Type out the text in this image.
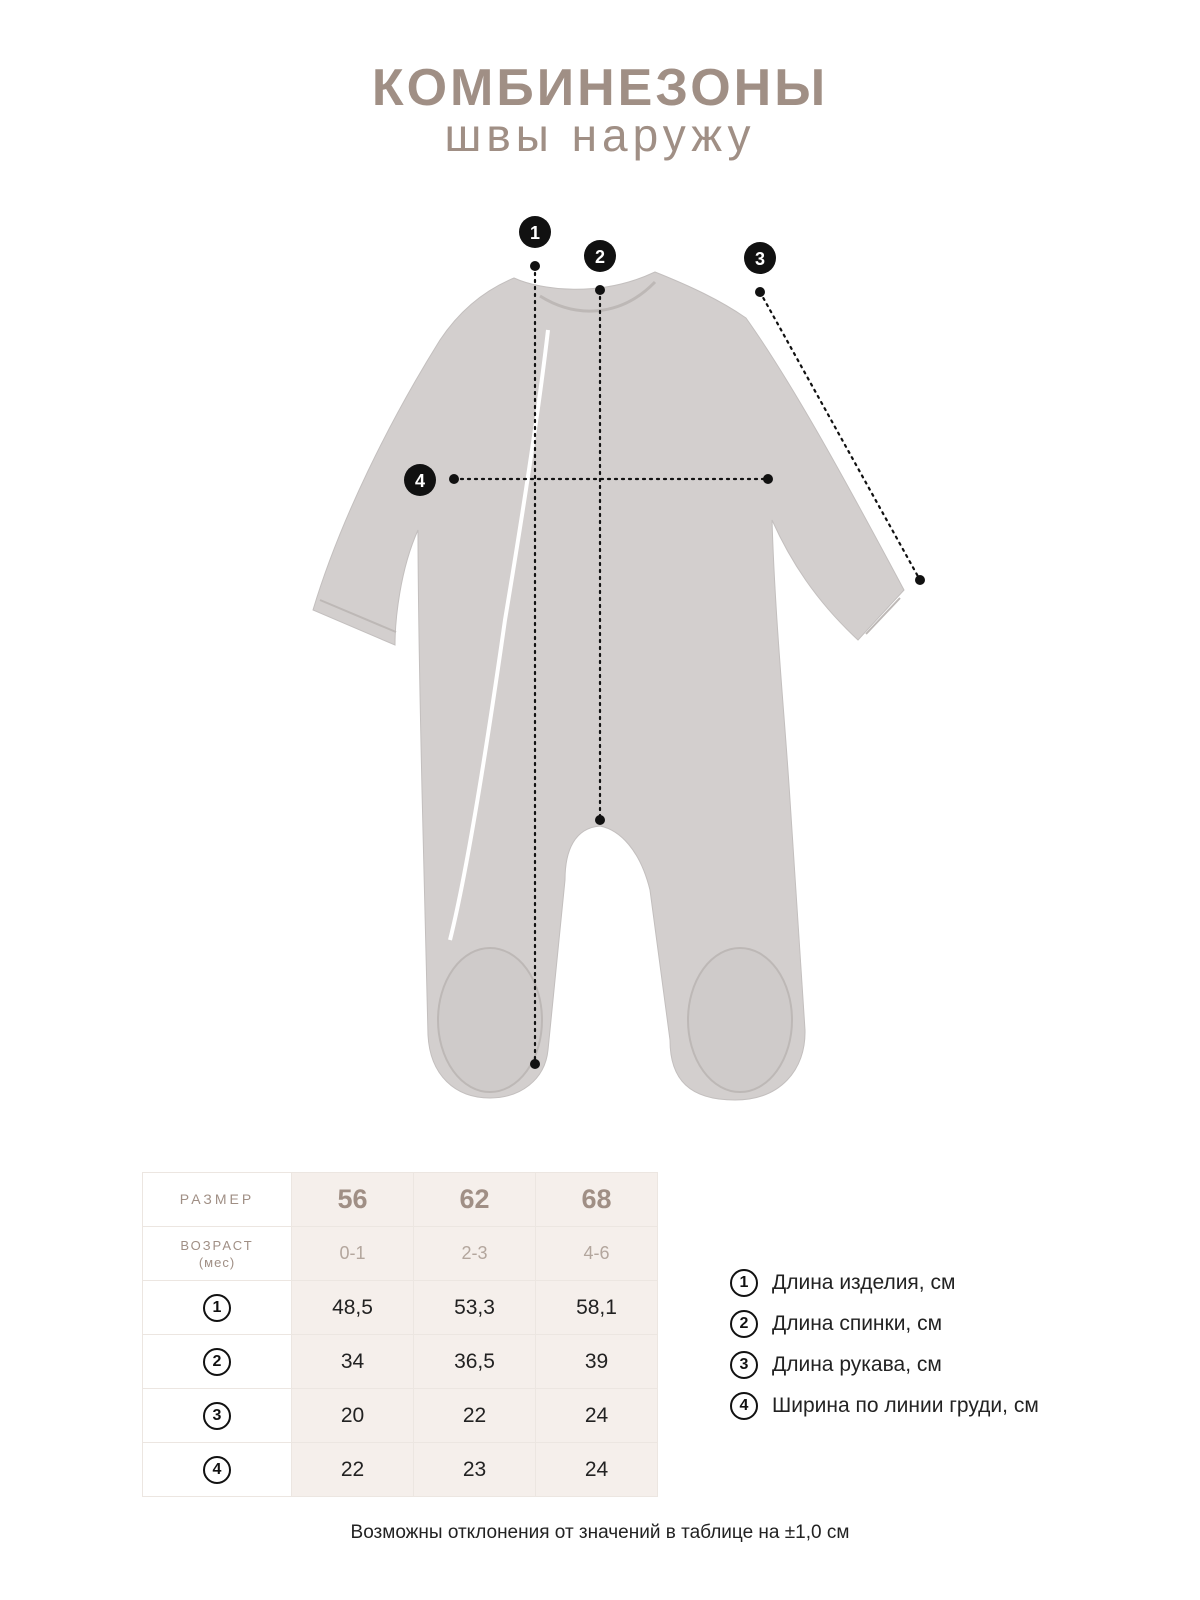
КОМБИНЕЗОНЫ
швы наружу
1
2	3
4
РАЗМЕР	56	62	68
ВОЗРАСТ
(мес)	0-1	2-3	4-6
1	48,5	53,3	58,1
2	34	36,5	39
3	20	22	24
4	22	23	24
1	Длина изделия, см
2	Длина спинки, см
3	Длина рукава, см
4	Ширина по линии груди, см
Возможны отклонения от значений в таблице на ±1,0 см
